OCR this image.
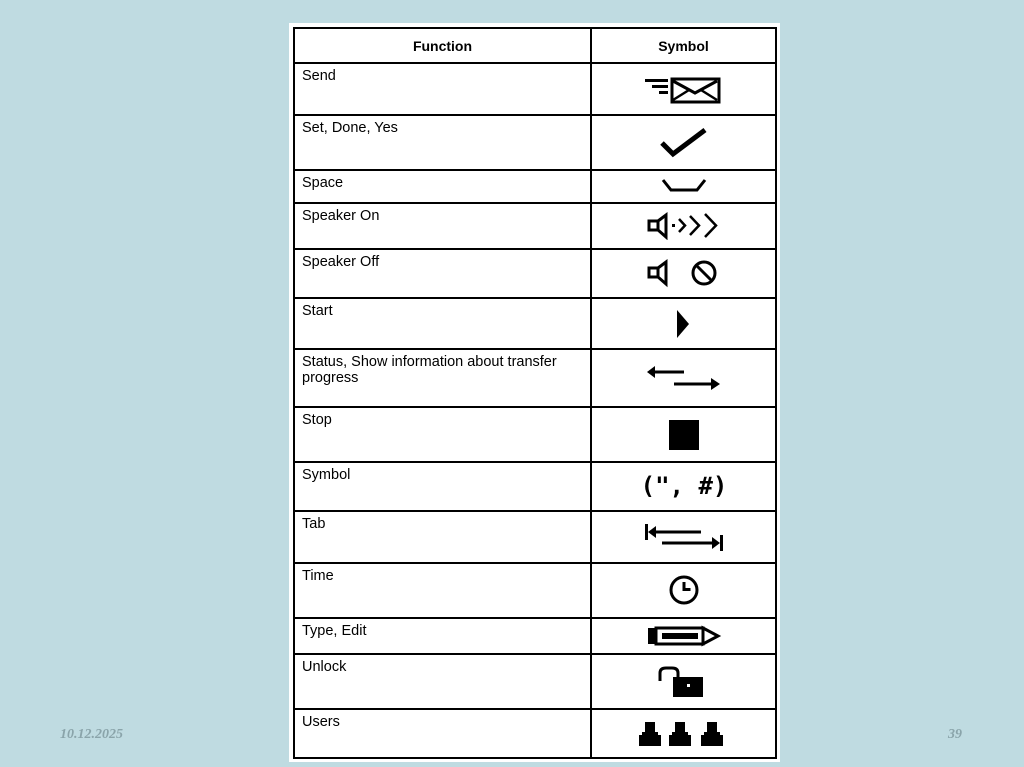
Function	Symbol
Send	
Set, Done, Yes	
Space	
Speaker On	
Speaker Off	
Start	
Status, Show information about transfer progress	
Stop	
Symbol	(", #)

Tab	
Time	
Type, Edit	
Unlock	
Users	
10.12.2025	39
